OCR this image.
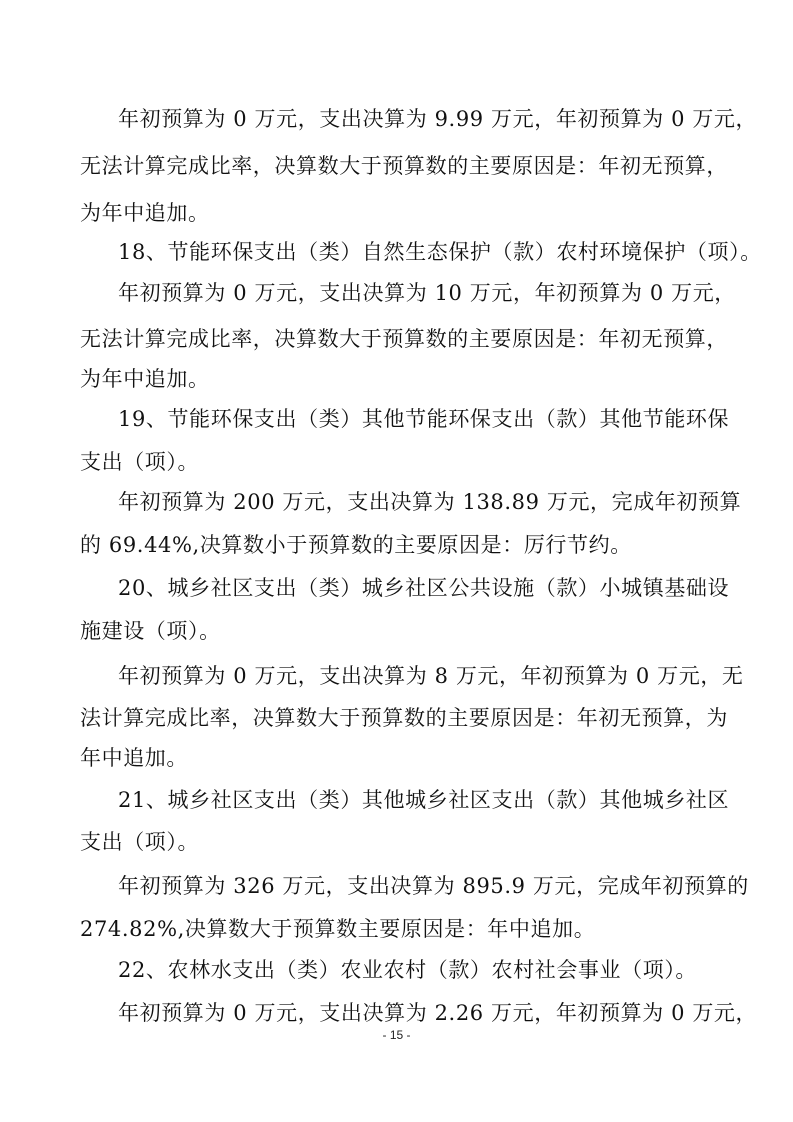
年初预算为 0 万元，支出决算为 9.99 万元，年初预算为 0 万元，
无法计算完成比率，决算数大于预算数的主要原因是：年初无预算，
为年中追加。
18、节能环保支出（类）自然生态保护（款）农村环境保护（项）。
年初预算为 0 万元，支出决算为 10 万元，年初预算为 0 万元，
无法计算完成比率，决算数大于预算数的主要原因是：年初无预算，
为年中追加。
19、节能环保支出（类）其他节能环保支出（款）其他节能环保
支出（项）。
年初预算为 200 万元，支出决算为 138.89 万元，完成年初预算
的 69.44%,决算数小于预算数的主要原因是：厉行节约。
20、城乡社区支出（类）城乡社区公共设施（款）小城镇基础设
施建设（项）。
年初预算为 0 万元，支出决算为 8 万元，年初预算为 0 万元，无
法计算完成比率，决算数大于预算数的主要原因是：年初无预算，为
年中追加。
21、城乡社区支出（类）其他城乡社区支出（款）其他城乡社区
支出（项）。
年初预算为 326 万元，支出决算为 895.9 万元，完成年初预算的
274.82%,决算数大于预算数主要原因是：年中追加。
22、农林水支出（类）农业农村（款）农村社会事业（项）。
年初预算为 0 万元，支出决算为 2.26 万元，年初预算为 0 万元，
- 15 -
